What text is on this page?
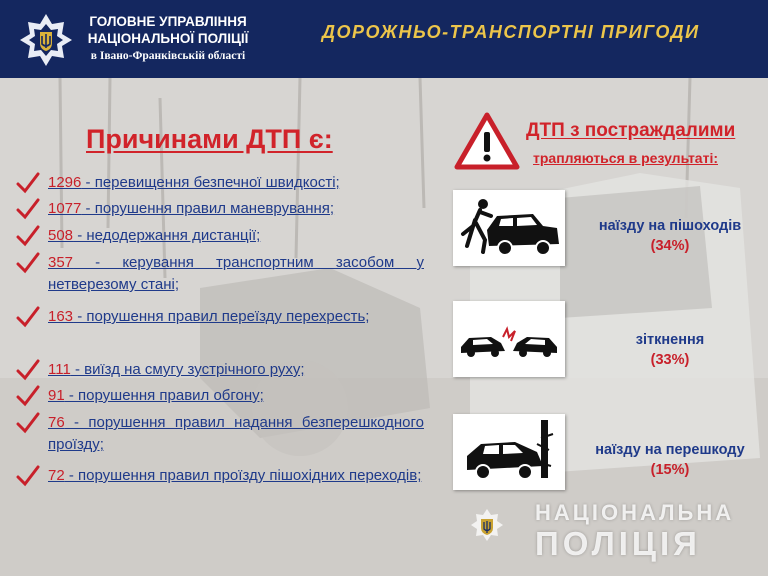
ГОЛОВНЕ УПРАВЛІННЯ
НАЦІОНАЛЬНОЇ ПОЛІЦІЇ
в Івано-Франківській області
ДОРОЖНЬО-ТРАНСПОРТНІ ПРИГОДИ
Причинами ДТП є:
1296 - перевищення безпечної швидкості;
1077 - порушення правил маневрування;
508 - недодержання дистанції;
357 - керування транспортним засобом у нетверезому стані;
163 - порушення правил переїзду перехресть;
111 - виїзд на смугу зустрічного руху;
91 - порушення правил обгону;
76 - порушення правил надання безперешкодного проїзду;
72 - порушення правил проїзду пішохідних переходів;
ДТП з постраждалими
трапляються в результаті:
наїзду на пішоходів
(34%)
зіткнення
(33%)
наїзду на перешкоду
(15%)
НАЦІОНАЛЬНА
ПОЛІЦІЯ
